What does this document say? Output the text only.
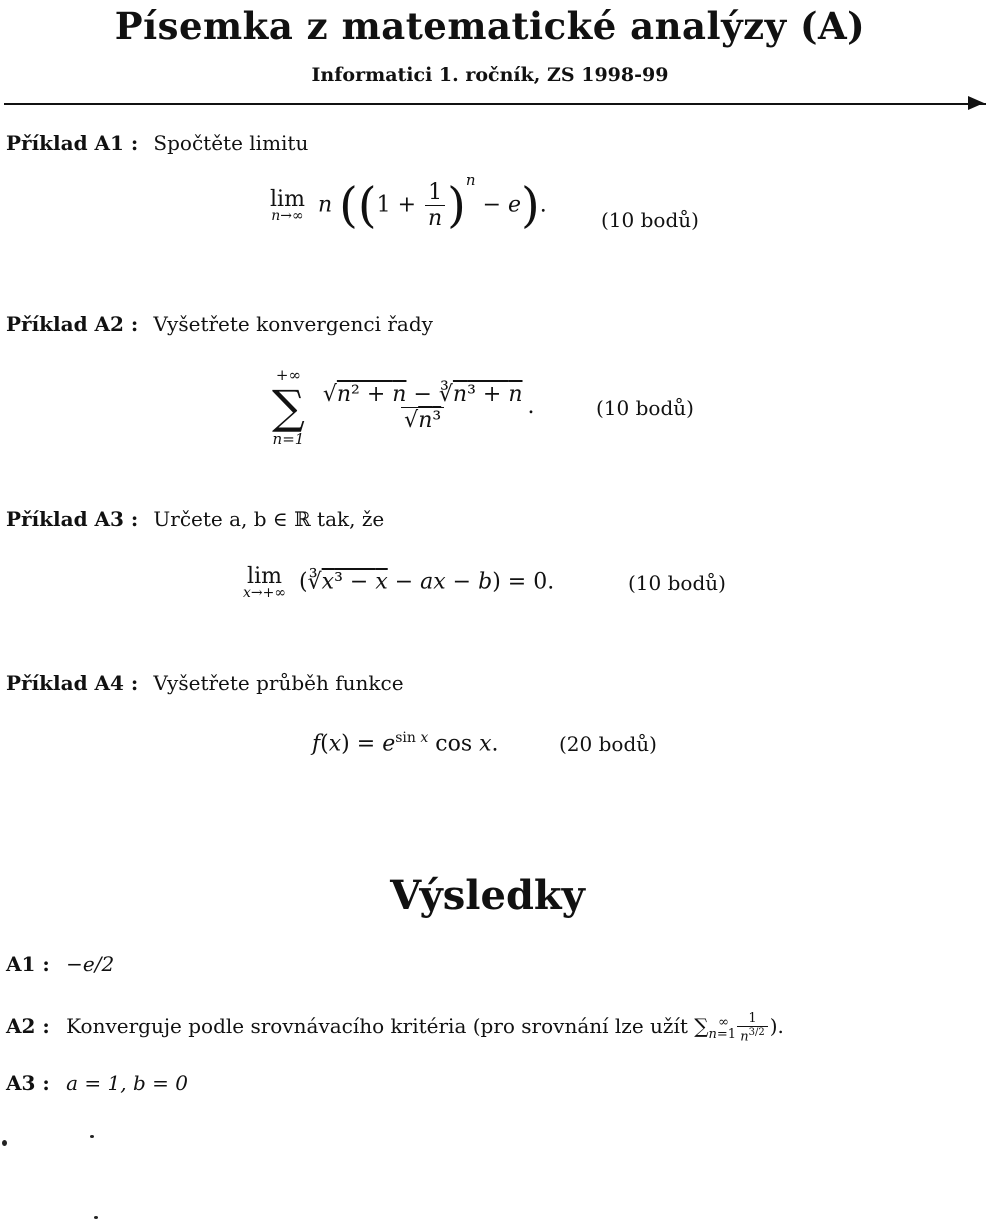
Písemka z matematické analýzy (A)
Informatici 1. ročník, ZS 1998-99
Příklad A1 : Spočtěte limitu
lim
n→∞ n $((1 + \frac{1}{n} )^n - e)$.
(10 bodů)
Příklad A2 : Vyšetřete konvergenci řady
+∞
∑
n=1

$\frac{\text{√n² + n − ∛n³ + n}}{\text{√n³}}$ .	(10 bodů)
Příklad A3 : Určete a, b ∈ ℝ tak, že
lim
x→+∞ (∛x³ − x − ax − b) = 0.	(10 bodů)
Příklad A4 : Vyšetřete průběh funkce
$f(x) = e^{sin x}$ cos x.	(20 bodů)
Výsledky
A1 : −e/2
A2 : Konverguje podle srovnávacího kritéria (pro srovnání lze užít $\sum_{n=1}^\infty \frac{1}{n^{3/2}}$ ).
A3 : a = 1, b = 0
